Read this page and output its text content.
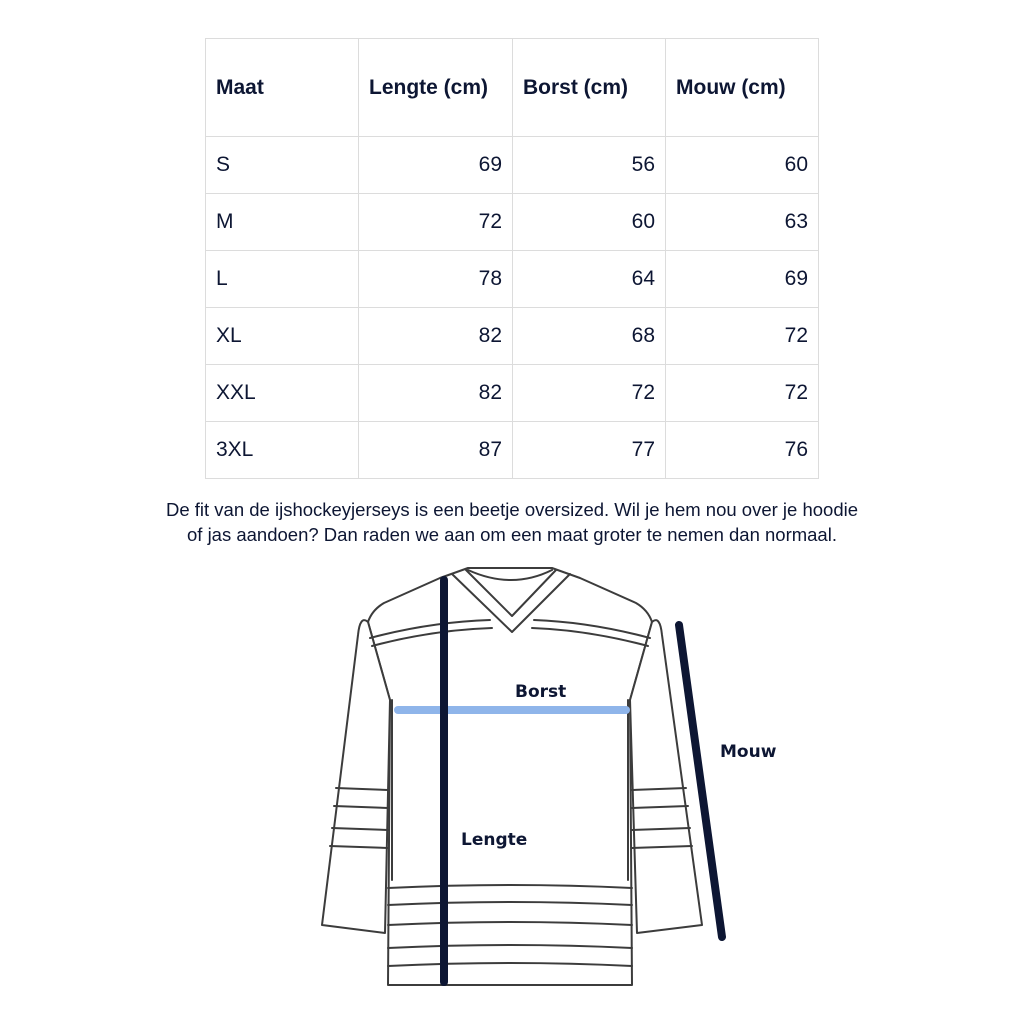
Maat	Lengte (cm)	Borst (cm)	Mouw (cm)
S	69	56	60
M	72	60	63
L	78	64	69
XL	82	68	72
XXL	82	72	72
3XL	87	77	76

De fit van de ijshockeyjerseys is een beetje oversized. Wil je hem nou over je hoodie
of jas aandoen? Dan raden we aan om een maat groter te nemen dan normaal.

Borst
Lengte
Mouw
